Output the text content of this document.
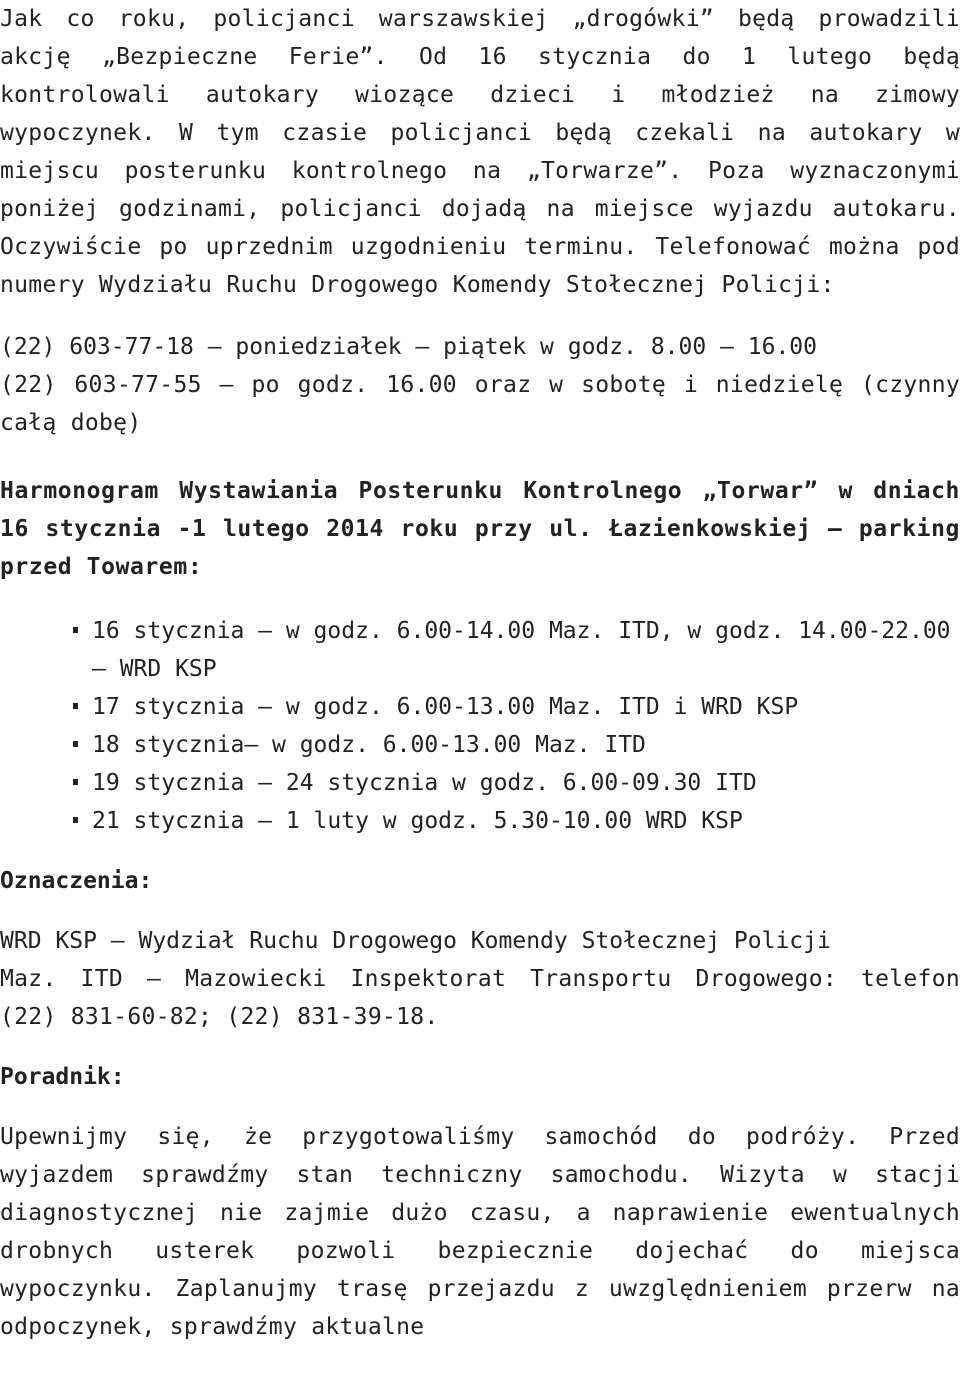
Jak co roku, policjanci warszawskiej „drogówki” będą prowadzili akcję „Bezpieczne Ferie”. Od 16 stycznia do 1 lutego będą kontrolowali autokary wiozące dzieci i młodzież na zimowy wypoczynek. W tym czasie policjanci będą czekali na autokary w miejscu posterunku kontrolnego na „Torwarze”. Poza wyznaczonymi poniżej godzinami, policjanci dojadą na miejsce wyjazdu autokaru. Oczywiście po uprzednim uzgodnieniu terminu. Telefonować można pod numery Wydziału Ruchu Drogowego Komendy Stołecznej Policji:

(22) 603-77-18 – poniedziałek – piątek w godz. 8.00 – 16.00

(22) 603-77-55 – po godz. 16.00 oraz w sobotę i niedzielę (czynny całą dobę)

Harmonogram Wystawiania Posterunku Kontrolnego „Torwar” w dniach 16 stycznia -1 lutego 2014 roku przy ul. Łazienkowskiej – parking przed Towarem:

16 stycznia – w godz. 6.00-14.00 Maz. ITD, w godz. 14.00-22.00 – WRD KSP
17 stycznia – w godz. 6.00-13.00 Maz. ITD i WRD KSP
18 stycznia– w godz. 6.00-13.00 Maz. ITD
19 stycznia – 24 stycznia w godz. 6.00-09.30 ITD
21 stycznia – 1 luty w godz. 5.30-10.00 WRD KSP

Oznaczenia:

WRD KSP – Wydział Ruchu Drogowego Komendy Stołecznej Policji

Maz. ITD – Mazowiecki Inspektorat Transportu Drogowego: telefon (22) 831-60-82; (22) 831-39-18.

Poradnik:

Upewnijmy się, że przygotowaliśmy samochód do podróży. Przed wyjazdem sprawdźmy stan techniczny samochodu. Wizyta w stacji diagnostycznej nie zajmie dużo czasu, a naprawienie ewentualnych drobnych usterek pozwoli bezpiecznie dojechać do miejsca wypoczynku. Zaplanujmy trasę przejazdu z uwzględnieniem przerw na odpoczynek, sprawdźmy aktualne
